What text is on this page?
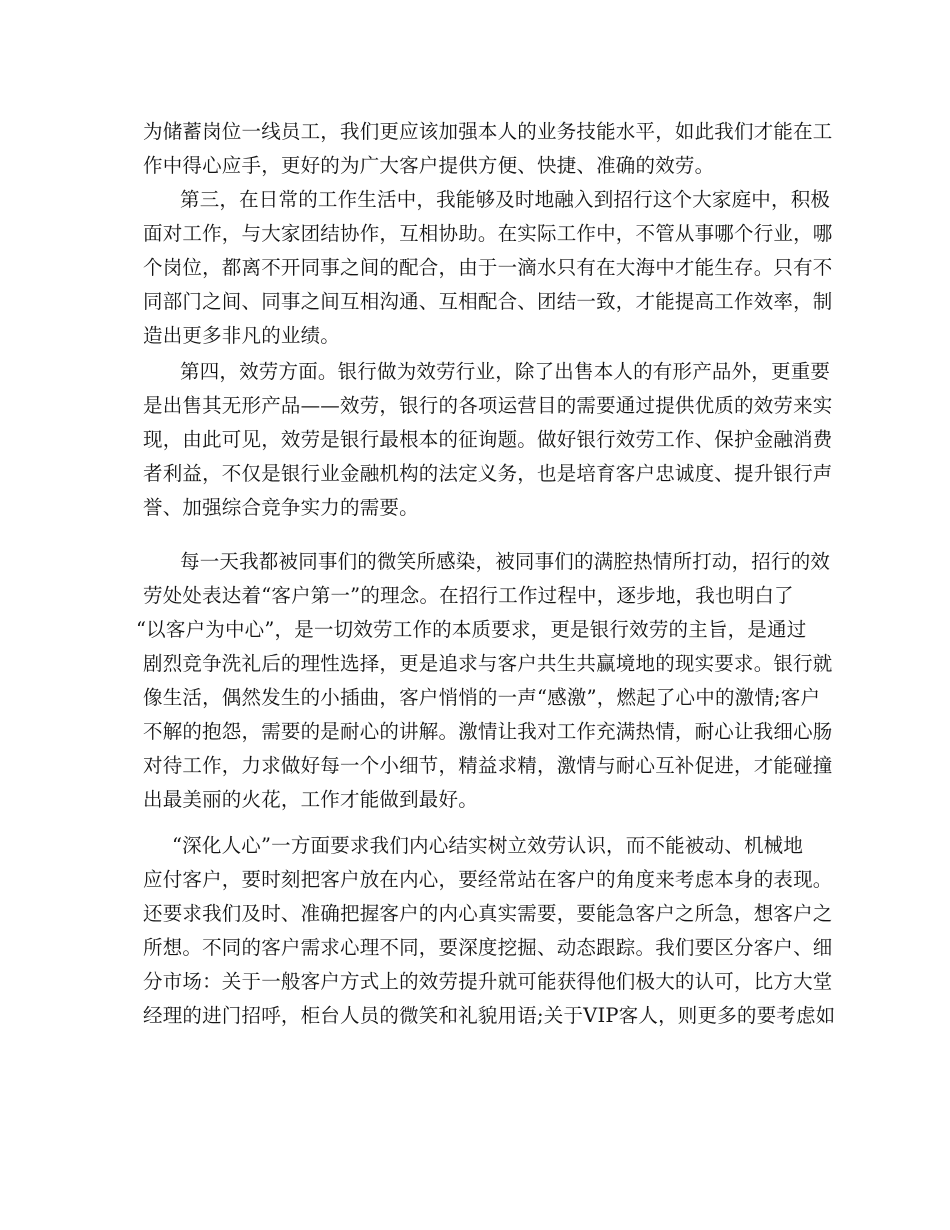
为储蓄岗位一线员工，我们更应该加强本人的业务技能水平，如此我们才能在工
作中得心应手，更好的为广大客户提供方便、快捷、准确的效劳。
第三，在日常的工作生活中，我能够及时地融入到招行这个大家庭中，积极
面对工作，与大家团结协作，互相协助。在实际工作中，不管从事哪个行业，哪
个岗位，都离不开同事之间的配合，由于一滴水只有在大海中才能生存。只有不
同部门之间、同事之间互相沟通、互相配合、团结一致，才能提高工作效率，制
造出更多非凡的业绩。
第四，效劳方面。银行做为效劳行业，除了出售本人的有形产品外，更重要
是出售其无形产品——效劳，银行的各项运营目的需要通过提供优质的效劳来实
现，由此可见，效劳是银行最根本的征询题。做好银行效劳工作、保护金融消费
者利益，不仅是银行业金融机构的法定义务，也是培育客户忠诚度、提升银行声
誉、加强综合竞争实力的需要。
每一天我都被同事们的微笑所感染，被同事们的满腔热情所打动，招行的效
劳处处表达着“客户第一”的理念。在招行工作过程中，逐步地，我也明白了
“以客户为中心”，是一切效劳工作的本质要求，更是银行效劳的主旨，是通过
剧烈竞争洗礼后的理性选择，更是追求与客户共生共赢境地的现实要求。银行就
像生活，偶然发生的小插曲，客户悄悄的一声“感激”，燃起了心中的激情;客户
不解的抱怨，需要的是耐心的讲解。激情让我对工作充满热情，耐心让我细心肠
对待工作，力求做好每一个小细节，精益求精，激情与耐心互补促进，才能碰撞
出最美丽的火花，工作才能做到最好。
“深化人心”一方面要求我们内心结实树立效劳认识，而不能被动、机械地
应付客户，要时刻把客户放在内心，要经常站在客户的角度来考虑本身的表现。
还要求我们及时、准确把握客户的内心真实需要，要能急客户之所急，想客户之
所想。不同的客户需求心理不同，要深度挖掘、动态跟踪。我们要区分客户、细
分市场：关于一般客户方式上的效劳提升就可能获得他们极大的认可，比方大堂
经理的进门招呼，柜台人员的微笑和礼貌用语;关于VIP客人，则更多的要考虑如
